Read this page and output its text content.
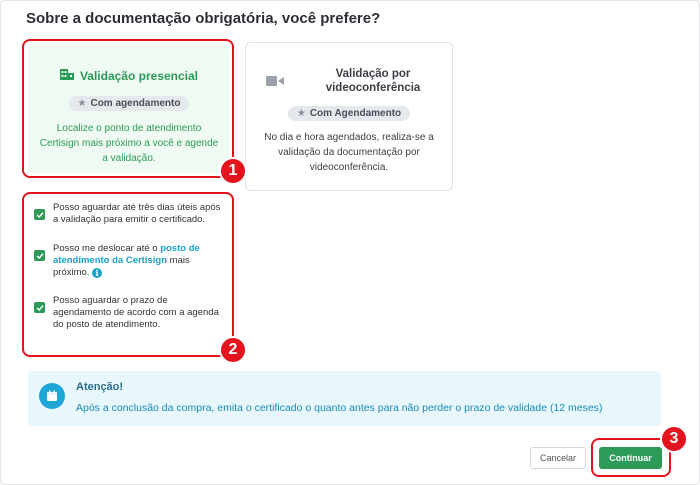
Sobre a documentação obrigatória, você prefere?
Validação presencial
★ Com agendamento
Localize o ponto de atendimento Certisign mais próximo a você e agende a validação.
Validação por videoconferência
★ Com Agendamento
No dia e hora agendados, realiza-se a validação da documentação por videoconferência.
Posso aguardar até três dias úteis após a validação para emitir o certificado.
Posso me deslocar até o posto de atendimento da Certisign mais próximo. i
Posso aguardar o prazo de agendamento de acordo com a agenda do posto de atendimento.
1
2
Atenção!
Após a conclusão da compra, emita o certificado o quanto antes para não perder o prazo de validade (12 meses)
Cancelar	Continuar
3
